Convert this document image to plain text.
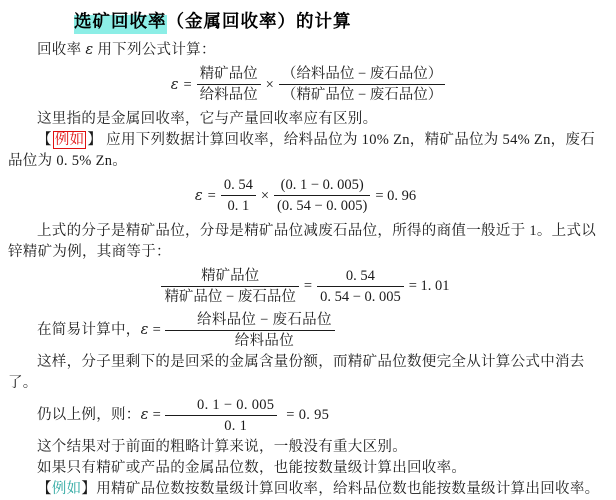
选矿回收率（金属回收率）的计算

回收率 ε 用下列公式计算：

$\varepsilon = \frac{\text{精矿品位}}{\text{给料品位}} \times \frac{\text{（给料品位 − 废石品位）}}{\text{（精矿品位 − 废石品位）}}$

这里指的是金属回收率，它与产量回收率应有区别。

【 例如 】 应用下列数据计算回收率，给料品位为 10% Zn，精矿品位为 54% Zn，废石品位为 0. 5% Zn。

$\varepsilon = \frac{0. 54}{0. 1} \times \frac{(0. 1 - 0. 005)}{(0. 54 - 0. 005)} = 0$. 96

上式的分子是精矿品位，分母是精矿品位减废石品位，所得的商值一般近于 1。上式以锌精矿为例，其商等于：

$\frac{\text{精矿品位}}{\text{精矿品位 − 废石品位}} = \frac{0. 54}{0. 54 - 0. 005} = 1$. 01

在简易计算中，$\varepsilon = \frac{\text{给料品位 − 废石品位}}{\text{给料品位}}$

这样，分子里剩下的是回采的金属含量份额，而精矿品位数便完全从计算公式中消去了。

仍以上例，则：$\varepsilon = \frac{0. 1 - 0. 005}{0. 1} = 0$. 95

这个结果对于前面的粗略计算来说，一般没有重大区别。

如果只有精矿或产品的金属品位数，也能按数量级计算出回收率。

【例如】用精矿品位数按数量级计算回收率，给料品位数也能按数量级计算出回收率。
